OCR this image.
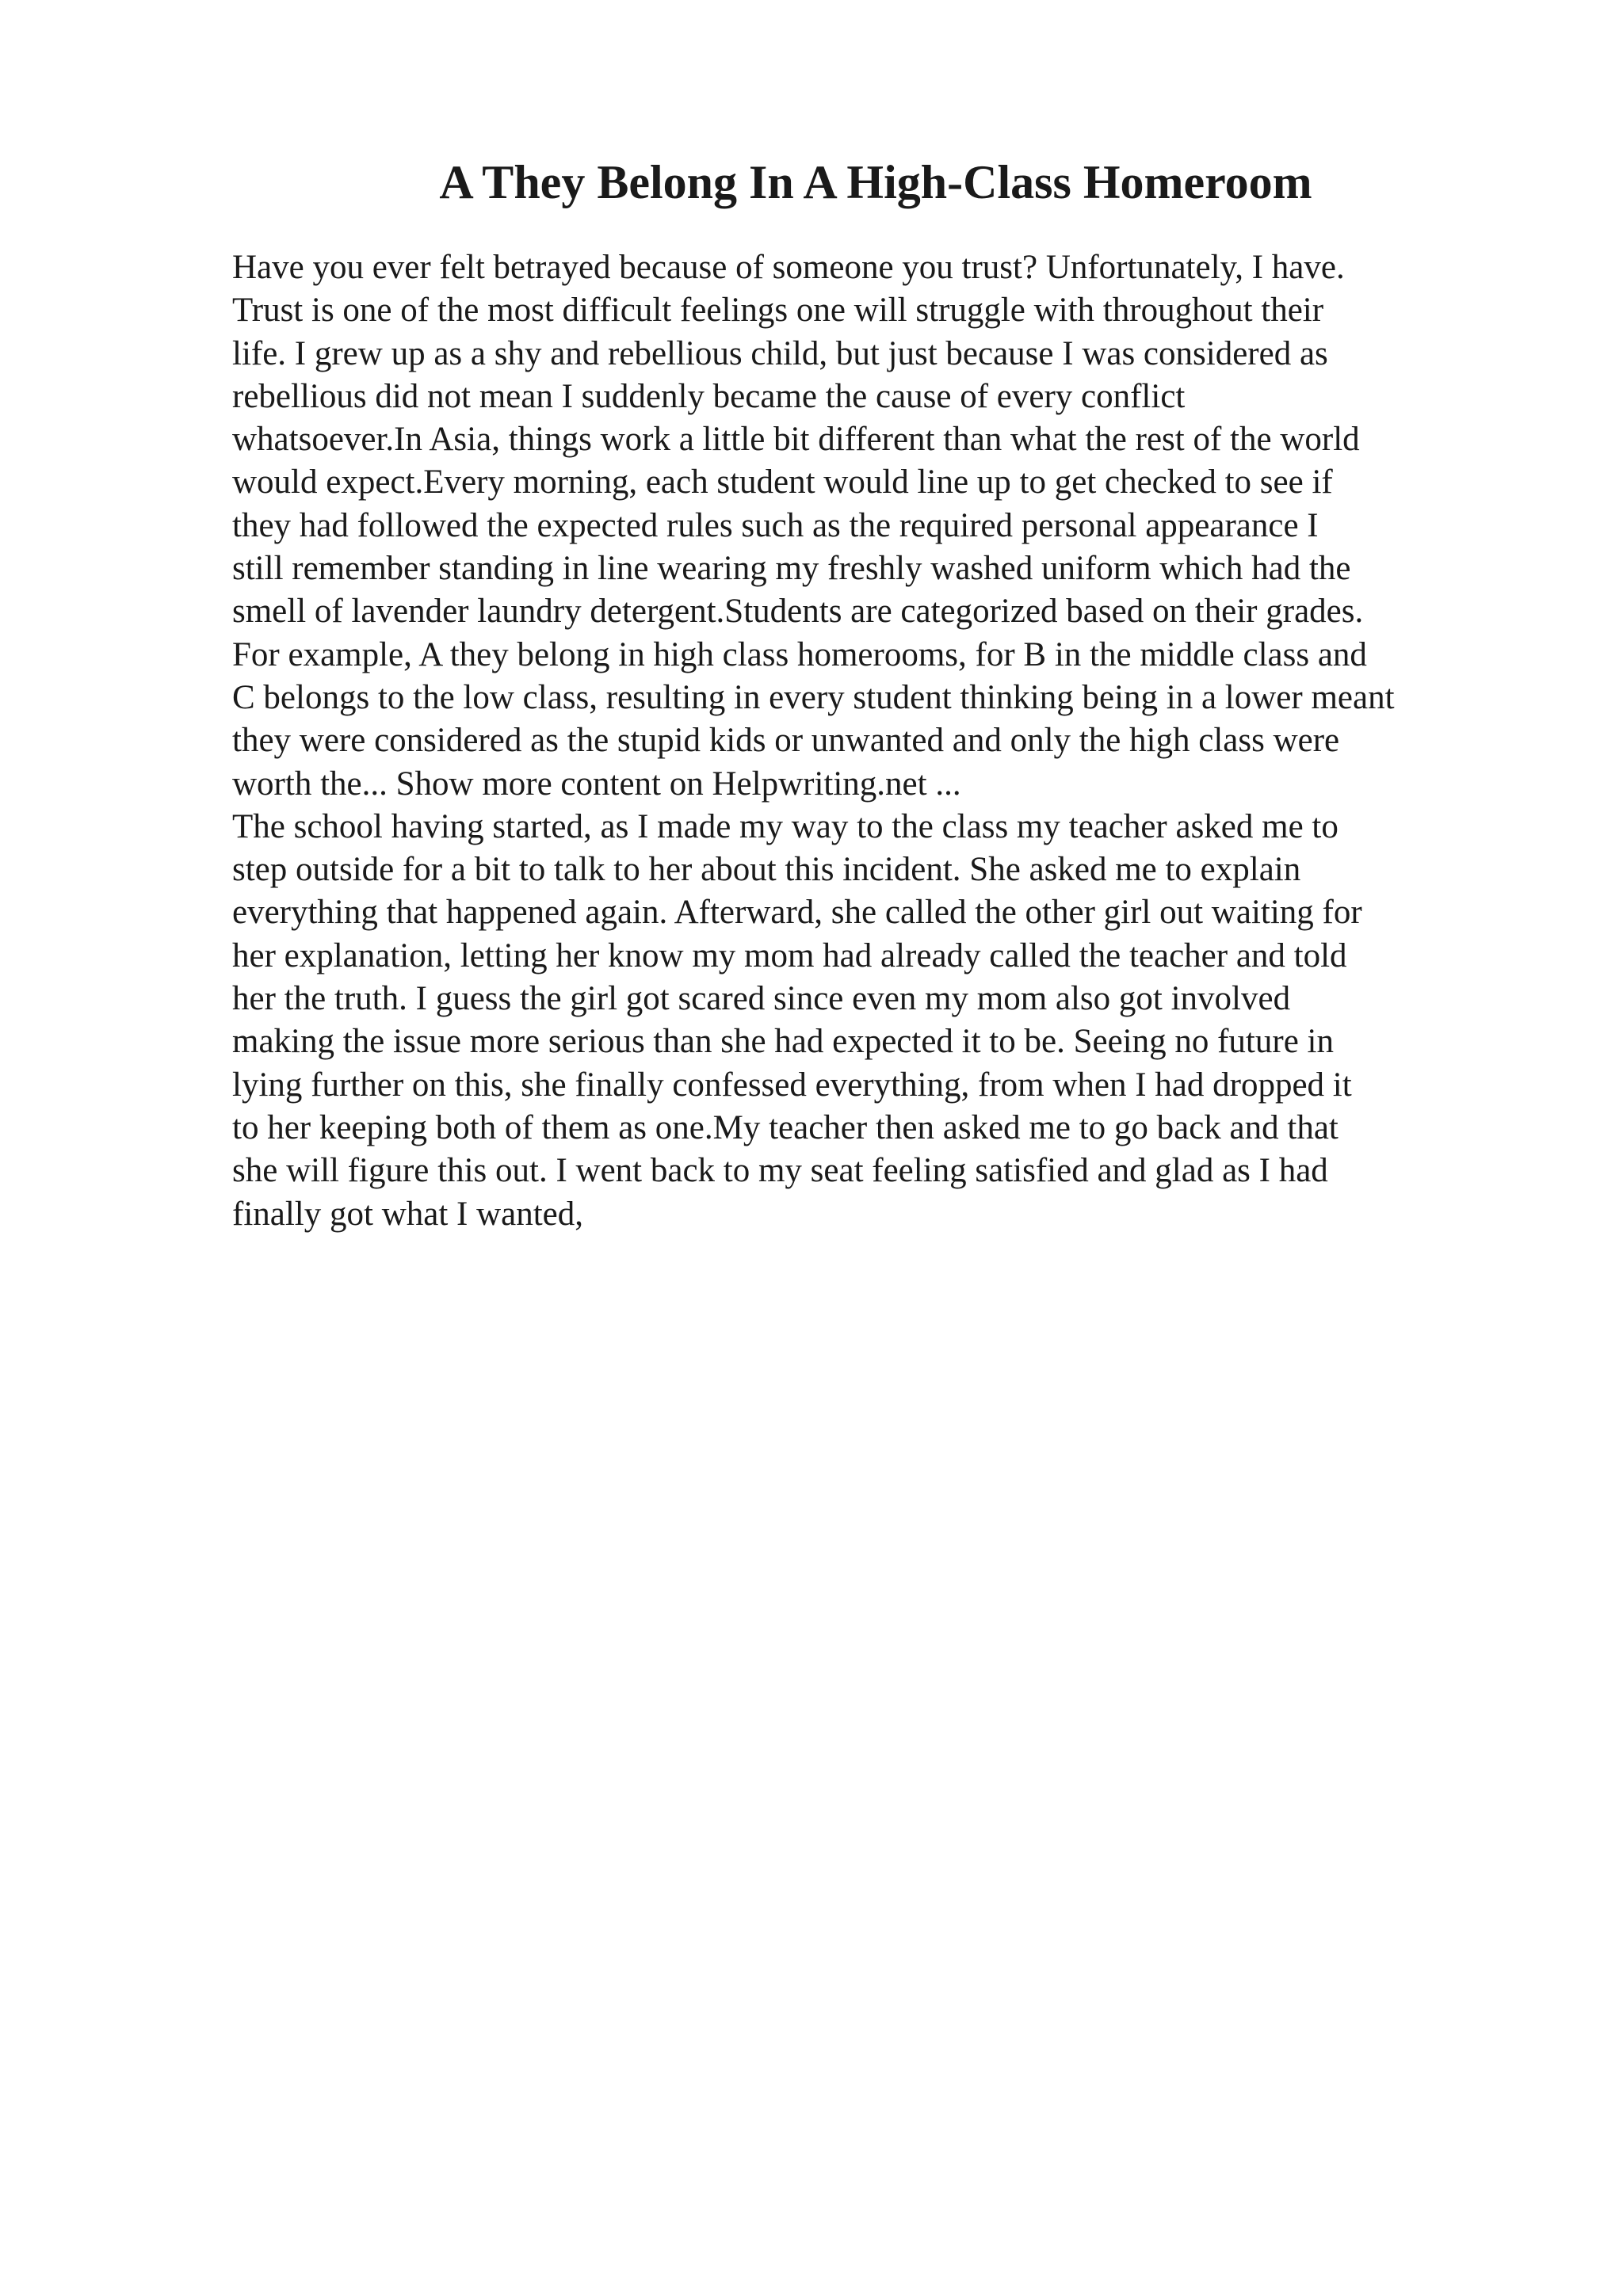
A They Belong In A High-Class Homeroom
Have you ever felt betrayed because of someone you trust? Unfortunately, I have.
Trust is one of the most difficult feelings one will struggle with throughout their
life. I grew up as a shy and rebellious child, but just because I was considered as
rebellious did not mean I suddenly became the cause of every conflict
whatsoever.In Asia, things work a little bit different than what the rest of the world
would expect.Every morning, each student would line up to get checked to see if
they had followed the expected rules such as the required personal appearance I
still remember standing in line wearing my freshly washed uniform which had the
smell of lavender laundry detergent.Students are categorized based on their grades.
For example, A they belong in high class homerooms, for B in the middle class and
C belongs to the low class, resulting in every student thinking being in a lower meant
they were considered as the stupid kids or unwanted and only the high class were
worth the... Show more content on Helpwriting.net ...
The school having started, as I made my way to the class my teacher asked me to
step outside for a bit to talk to her about this incident. She asked me to explain
everything that happened again. Afterward, she called the other girl out waiting for
her explanation, letting her know my mom had already called the teacher and told
her the truth. I guess the girl got scared since even my mom also got involved
making the issue more serious than she had expected it to be. Seeing no future in
lying further on this, she finally confessed everything, from when I had dropped it
to her keeping both of them as one.My teacher then asked me to go back and that
she will figure this out. I went back to my seat feeling satisfied and glad as I had
finally got what I wanted,
